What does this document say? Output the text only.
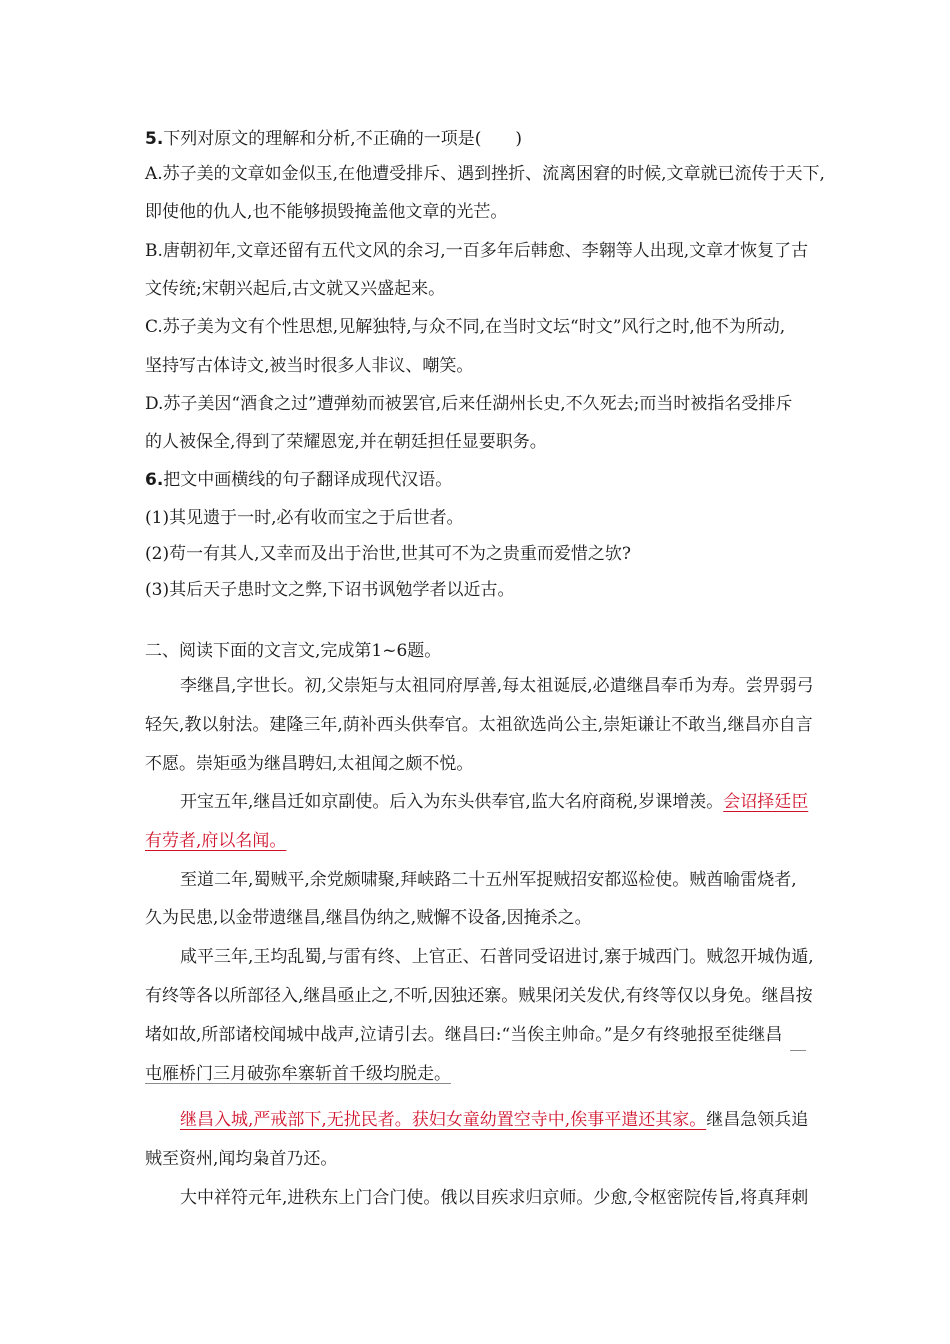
5.下列对原文的理解和分析,不正确的一项是(　　)
A.苏子美的文章如金似玉,在他遭受排斥、遇到挫折、流离困窘的时候,文章就已流传于天下,
即使他的仇人,也不能够损毁掩盖他文章的光芒。
B.唐朝初年,文章还留有五代文风的余习,一百多年后韩愈、李翱等人出现,文章才恢复了古
文传统;宋朝兴起后,古文就又兴盛起来。
C.苏子美为文有个性思想,见解独特,与众不同,在当时文坛“时文”风行之时,他不为所动,
坚持写古体诗文,被当时很多人非议、嘲笑。
D.苏子美因“酒食之过”遭弹劾而被罢官,后来任湖州长史,不久死去;而当时被指名受排斥
的人被保全,得到了荣耀恩宠,并在朝廷担任显要职务。
6.把文中画横线的句子翻译成现代汉语。
(1)其见遗于一时,必有收而宝之于后世者。
(2)苟一有其人,又幸而及出于治世,世其可不为之贵重而爱惜之欤?
(3)其后天子患时文之弊,下诏书讽勉学者以近古。
二、阅读下面的文言文,完成第1~6题。
李继昌,字世长。初,父崇矩与太祖同府厚善,每太祖诞辰,必遣继昌奉币为寿。尝畀弱弓
轻矢,教以射法。建隆三年,荫补西头供奉官。太祖欲选尚公主,崇矩谦让不敢当,继昌亦自言
不愿。崇矩亟为继昌聘妇,太祖闻之颇不悦。
开宝五年,继昌迁如京副使。后入为东头供奉官,监大名府商税,岁课增羡。会诏择廷臣
有劳者,府以名闻。
至道二年,蜀贼平,余党颇啸聚,拜峡路二十五州军捉贼招安都巡检使。贼酋喻雷烧者,
久为民患,以金带遗继昌,继昌伪纳之,贼懈不设备,因掩杀之。
咸平三年,王均乱蜀,与雷有终、上官正、石普同受诏进讨,寨于城西门。贼忽开城伪遁,
有终等各以所部径入,继昌亟止之,不听,因独还寨。贼果闭关发伏,有终等仅以身免。继昌按
堵如故,所部诸校闻城中战声,泣请引去。继昌曰:“当俟主帅命。”是夕有终驰报至徙继昌
屯雁桥门三月破弥牟寨斩首千级均脱走。
继昌入城,严戒部下,无扰民者。获妇女童幼置空寺中,俟事平遣还其家。继昌急领兵追
贼至资州,闻均枭首乃还。
大中祥符元年,进秩东上门合门使。俄以目疾求归京师。少愈,令枢密院传旨,将真拜刺
